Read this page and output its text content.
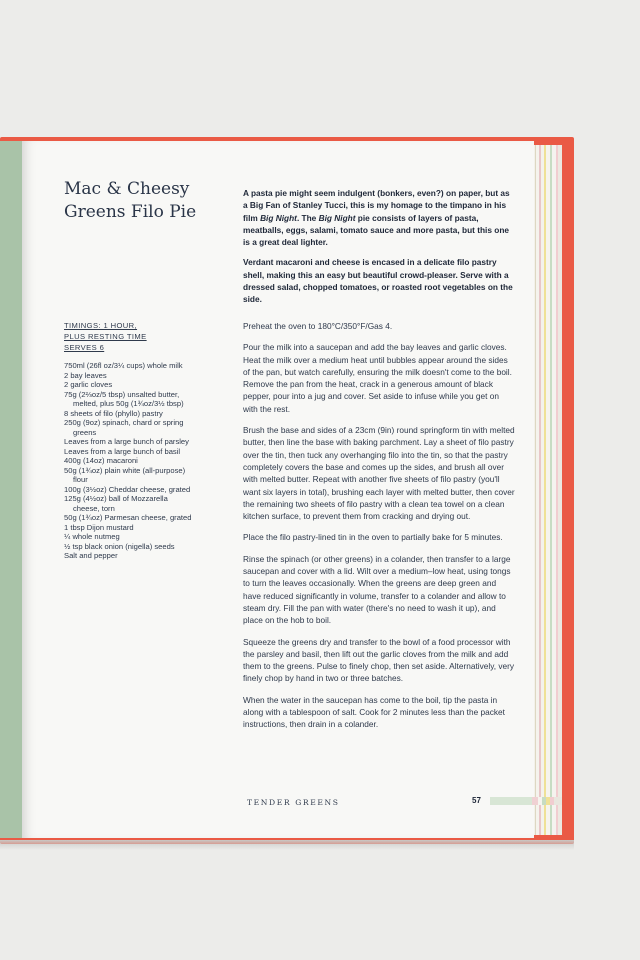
Mac & Cheesy
Greens Filo Pie
TIMINGS: 1 HOUR,
PLUS RESTING TIME
SERVES 6
750ml (26fl oz/3¼ cups) whole milk
2 bay leaves
2 garlic cloves
75g (2⅔oz/5 tbsp) unsalted butter,
melted, plus 50g (1¾oz/3½ tbsp)
8 sheets of filo (phyllo) pastry
250g (9oz) spinach, chard or spring
greens
Leaves from a large bunch of parsley
Leaves from a large bunch of basil
400g (14oz) macaroni
50g (1¾oz) plain white (all-purpose)
flour
100g (3½oz) Cheddar cheese, grated
125g (4½oz) ball of Mozzarella
cheese, torn
50g (1¾oz) Parmesan cheese, grated
1 tbsp Dijon mustard
¼ whole nutmeg
½ tsp black onion (nigella) seeds
Salt and pepper

A pasta pie might seem indulgent (bonkers, even?) on paper, but as a Big Fan of Stanley Tucci, this is my homage to the timpano in his film Big Night. The Big Night pie consists of layers of pasta, meatballs, eggs, salami, tomato sauce and more pasta, but this one is a great deal lighter.

Verdant macaroni and cheese is encased in a delicate filo pastry shell, making this an easy but beautiful crowd-pleaser. Serve with a dressed salad, chopped tomatoes, or roasted root vegetables on the side.

Preheat the oven to 180°C/350°F/Gas 4.

Pour the milk into a saucepan and add the bay leaves and garlic cloves. Heat the milk over a medium heat until bubbles appear around the sides of the pan, but watch carefully, ensuring the milk doesn't come to the boil. Remove the pan from the heat, crack in a generous amount of black pepper, pour into a jug and cover. Set aside to infuse while you get on with the rest.

Brush the base and sides of a 23cm (9in) round springform tin with melted butter, then line the base with baking parchment. Lay a sheet of filo pastry over the tin, then tuck any overhanging filo into the tin, so that the pastry completely covers the base and comes up the sides, and brush all over with melted butter. Repeat with another five sheets of filo pastry (you'll want six layers in total), brushing each layer with melted butter, then cover the remaining two sheets of filo pastry with a clean tea towel on a clean kitchen surface, to prevent them from cracking and drying out.

Place the filo pastry-lined tin in the oven to partially bake for 5 minutes.

Rinse the spinach (or other greens) in a colander, then transfer to a large saucepan and cover with a lid. Wilt over a medium–low heat, using tongs to turn the leaves occasionally. When the greens are deep green and have reduced significantly in volume, transfer to a colander and allow to steam dry. Fill the pan with water (there's no need to wash it up), and place on the hob to boil.

Squeeze the greens dry and transfer to the bowl of a food processor with the parsley and basil, then lift out the garlic cloves from the milk and add them to the greens. Pulse to finely chop, then set aside. Alternatively, very finely chop by hand in two or three batches.

When the water in the saucepan has come to the boil, tip the pasta in along with a tablespoon of salt. Cook for 2 minutes less than the packet instructions, then drain in a colander.

TENDER GREENS	57
